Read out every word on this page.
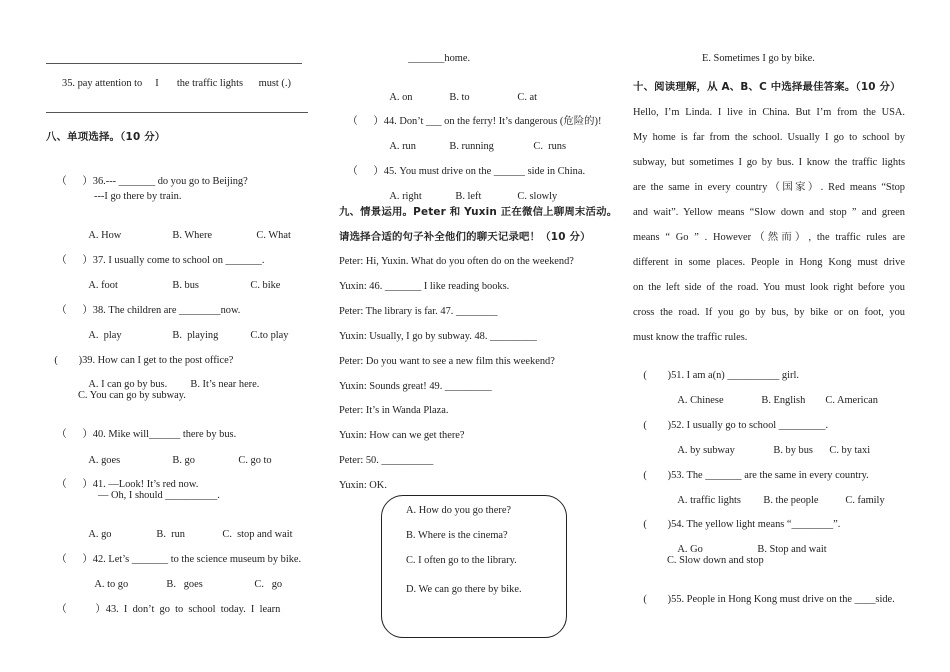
35. pay attention to     I       the traffic lights      must (.)
八、单项选择。（10 分）

（      ）36.--- _______ do you go to Beijing?

---I go there by train.

A. How	B. Where	C. What

（      ）37. I usually come to school on _______.

A. foot	B. bus	C. bike

（      ）38. The children are ________now.

A.  play	B.  playing	C.to play

(        )39. How can I get to the post office?

A. I can go by bus. B. It’s near here.

C. You can go by subway.

（      ）40. Mike will______ there by bus.

A. goes	B. go	C. go to

（      ）41. —Look! It’s red now.

— Oh, I should __________.

A. go	B.  run	C.  stop and wait

（      ）42. Let’s _______ to the science museum by bike.

A. to go	B.   goes	C.   go

（           ）43.  I  don’t  go  to  school  today.  I  learn

_______home.

A. on	B. to	C. at

（      ）44. Don’t ___ on the ferry! It’s dangerous (危险的)!

A. run	B. running	C.  runs

（      ）45. You must drive on the ______ side in China.

A. right	B. left	C. slowly

九、情景运用。Peter 和 Yuxin 正在微信上聊周末活动。
请选择合适的句子补全他们的聊天记录吧！（10 分）
Peter: Hi, Yuxin. What do you often do on the weekend?
Yuxin: 46. _______ I like reading books.
Peter: The library is far. 47. ________
Yuxin: Usually, I go by subway. 48. _________
Peter: Do you want to see a new film this weekend?
Yuxin: Sounds great! 49. _________
Peter: It’s in Wanda Plaza.
Yuxin: How can we get there?
Peter: 50. __________
Yuxin: OK.
A. How do you go there?
B. Where is the cinema?
C. I often go to the library.
D. We can go there by bike.
E. Sometimes I go by bike.
十、阅读理解，从 A、B、C 中选择最佳答案。（10 分）
Hello, I’m Linda. I live in China. But I’m from the USA.
My home is far from the school. Usually I go to school by
subway, but sometimes I go by bus. I know the traffic lights
are the same in every country（国家）. Red means “Stop
and wait”. Yellow means “Slow down and stop ” and green
means “ Go ” . However（然而）, the traffic rules are
different in some places. People in Hong Kong must drive
on the left side of the road. You must look right before you
cross the road. If you go by bus, by bike or on foot, you
must know the traffic rules.

(        )51. I am a(n) __________ girl.

A. Chinese	B. English C. American

(        )52. I usually go to school _________.

A. by subway	B. by bus C. by taxi

(        )53. The _______ are the same in every country.

A. traffic lights B. the people	C. family

(        )54. The yellow light means “________”.

A. Go	B. Stop and wait

C. Slow down and stop

(        )55. People in Hong Kong must drive on the ____side.
